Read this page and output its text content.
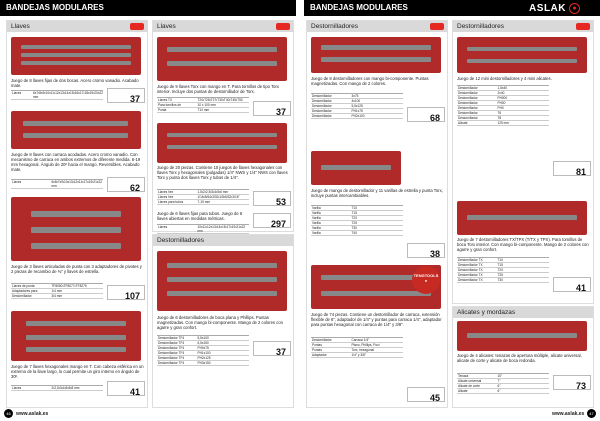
BANDEJAS MODULARES	BANDEJAS MODULARES	ASLAK ●
Llaves
Juego de 8 llaves fijas de dos bocas. Acero cromo vanadio. Acabado mate.
Llaves	6x7•8x9•10x11•12x13•14x15•16x17•18x19•20x22 mm	37
Juego de 8 llaves con carraca acodadas. Acero cromo vanadio. Con mecanismo de carraca en ambos extremos de diferente medida. 6-19 mm hexagonal. Ángulo de 20º hacia el mango. Reversibles. Acabado mate.
Llaves	6x8•7x9•10x13•12x14•17x19•21x22 mm	62
Juego de 3 llaves articuladas de punta con 3 adaptadores de pivotes y 2 piezas de recambio de ⅜" y llaves de estrella.
Llaves de punta	TF8050•TF8077•TF8279
Adaptadores para	1/4 mm
Destornillador	3/4 mm	107
Juego de 7 llaves hexagonales mango en T. Con cabeza esférica en un extremo de la llave largo, lo cual permite un giro interno en ángulo de 30º.
Llaves	2•2,5•3•4•5•6•8 mm	41
Llaves
Juego de 9 llaves Torx con mango en T. Para tornillos de tipo Torx interior. Incluye dos puntas de destornillador de Torx.
Llaves TX	T20•T25•T27•T30•T40•T45•T50
Para tornillos de	10 x 100 mm
Punta	T10 mm	37
Juego de 20 piezas. Contiene 10 juegos de llaves hexagonales con llaves Torx y hexagonales (pulgadas) 1/4" NWS y 1/4" NWS con llaves Torx y punta dos llaves Torx y tubos de 1/4".
Llaves hex	1,5•2•2,5•3•4•5•6 mm
Llaves hex	1/16•5/64•3/32•1/8•5/32•3/16"
Llaves para tubos	7-19 mm	53
Juego de 6 llaves fijas para tubos. Juego de 6 llaves abiertas en medidas métricas.
Llaves	10x11•12x13•14x15•17x19•21x22 mm
297
Destornilladores
Juego de 6 destornilladores de boca plana y Phillips. Puntas magnetizadas. Con mango bi-componente. Mango de 2 colores con agarre y gran confort.
Destornillador TF4	5,5x100
Destornillador TF4	6,5x150
Destornillador TF4	PH0x75
Destornillador TF4	PH1x100
Destornillador TF4	PH2x125
Destornillador TF4	PH3x150
37
Destornilladores
Juego de 8 destornilladores con mango bi-componente. Puntas magnetizadas. Con mango de 2 colores.
Destornillador	3x75
Destornillador	4x100
Destornillador	5,5x125
Destornillador	PH1x75
Destornillador	PH2x100	68
Juego de mango de destornillador y 11 varillas de estrella y punta Torx, incluye puntas intercambiables.
Varilla	T10
Varilla	T15
Varilla	T20
Varilla	T25
Varilla	T30
Varilla	T40
38
Juego de 74 piezas. Contiene un destornillador de carraca, extensión flexible de 6", adaptador de 1/4" y puntas para carraca 1/4", adaptador para puntas hexagonal con carraca de 1/4" y 3/8".
Destornillador	Carraca 1/4"
Puntas	Plano, Phillips, Pozi
Puntas	Torx, hexagonal
Adaptador	1/4" y 3/8"
45
Destornilladores
Juego de 12 mini destornilladores y 4 mini alicates.
Destornillador	1,5x40
Destornillador	2x40
Destornillador	PH000
Destornillador	PH00
Destornillador	PH0
Destornillador	T6
Destornillador	T8
Alicate	125 mm
81
Juego de 7 destornilladores TX/TPX (T/TX y TPX). Para tornillos de boca Torx interior. Con mango bi-componente. Mango de 2 colores con agarre y gran confort.
Destornillador TX	T10
Destornillador TX	T15
Destornillador TX	T20
Destornillador TX	T25
Destornillador TX	T30
41
Alicates y mordazas
Juego de 4 alicates: tenazas de apertura múltiple, alicate universal, alicate de corte y alicate de boca redonda.
Tenaza	10"
Alicate universal	7"
Alicate de corte	6"
Alicate	6"	73
TENGTOOLS
●
46	www.aslak.es	www.aslak.es	47
